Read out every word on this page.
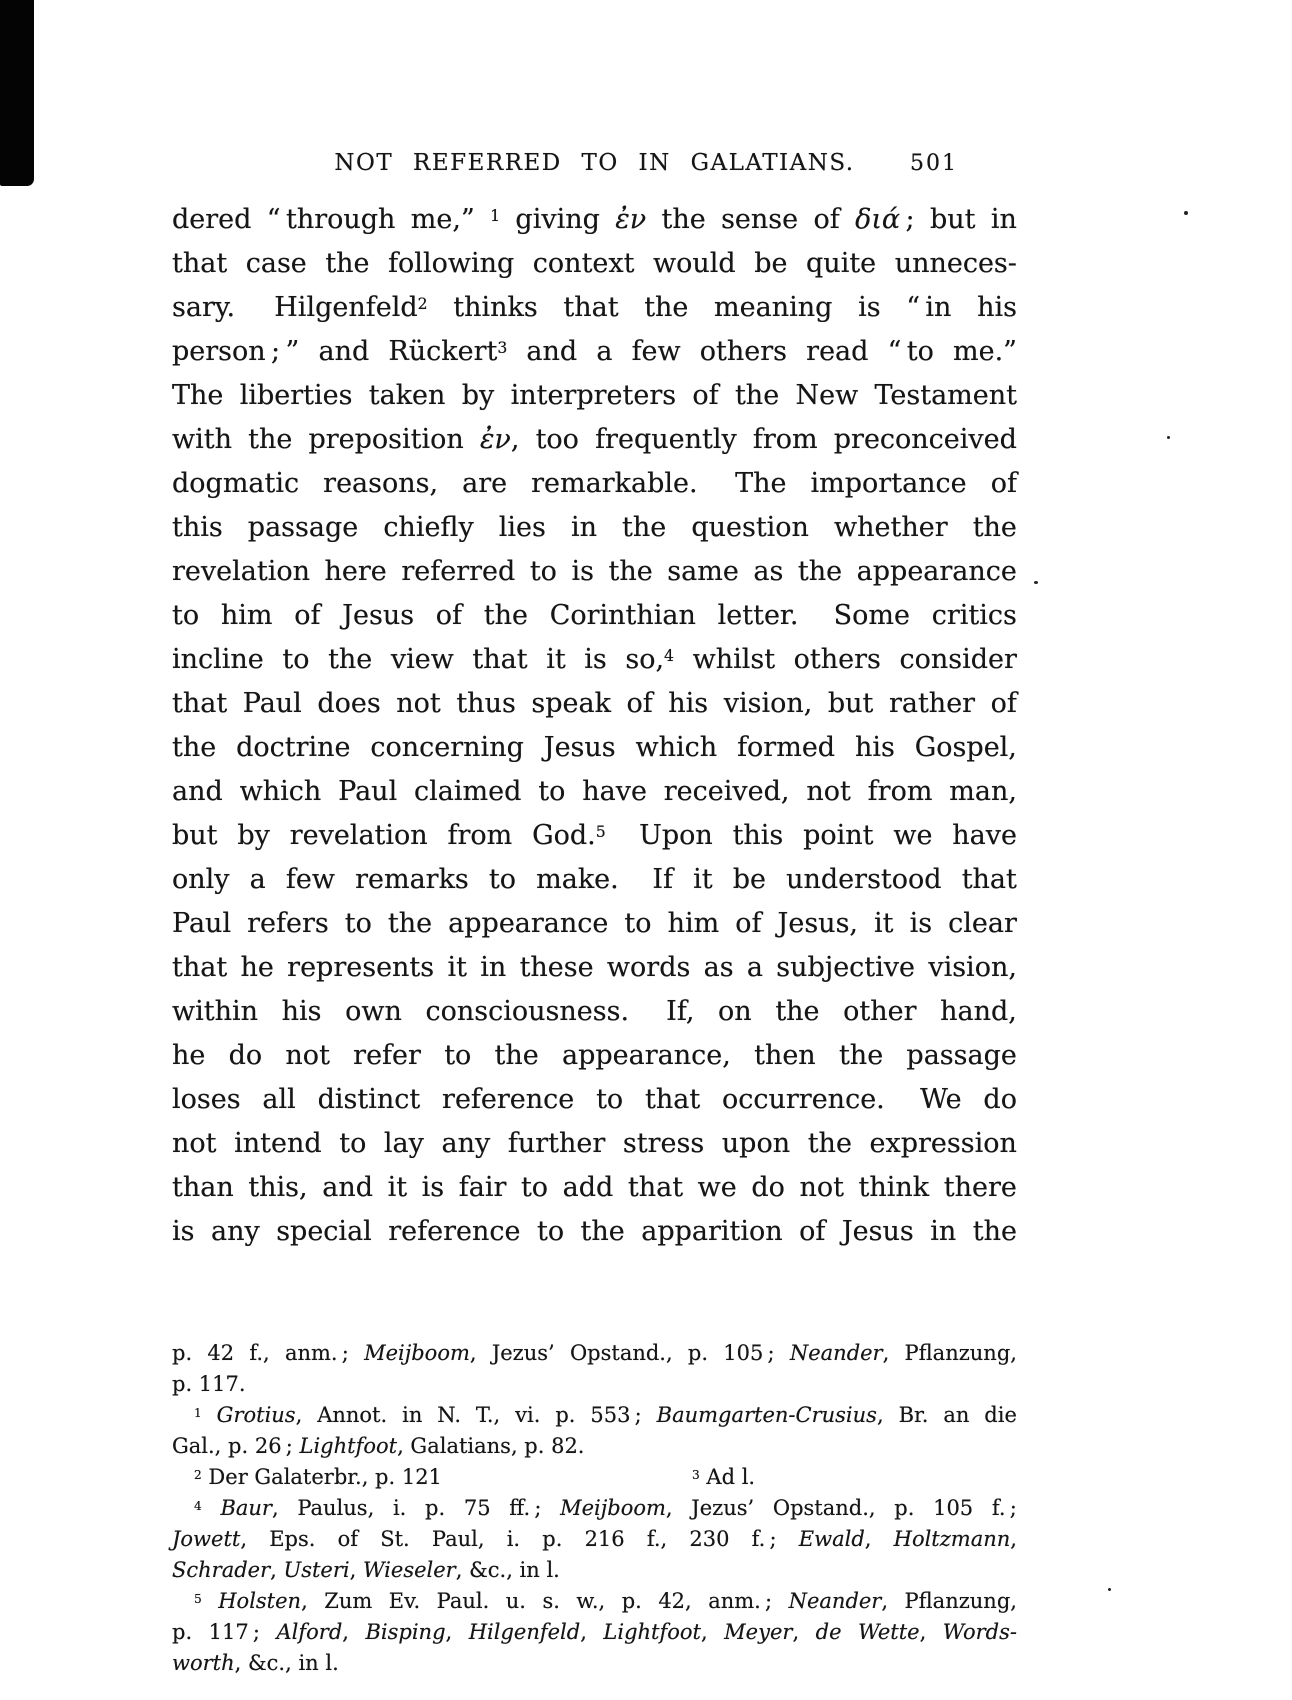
NOT REFERRED TO IN GALATIANS.	501
dered “ through me,” $^1$ giving ἐν the sense of διά ; but in
that case the following context would be quite unneces-
sary.  Hilgenfeld$^2$ thinks that the meaning is “ in his
person ; ” and Rückert$^3$ and a few others read “ to me.”
The liberties taken by interpreters of the New Testament
with the preposition ἐν, too frequently from preconceived
dogmatic reasons, are remarkable.  The importance of
this passage chiefly lies in the question whether the
revelation here referred to is the same as the appearance
to him of Jesus of the Corinthian letter.  Some critics
incline to the view that it is so,$^4$ whilst others consider
that Paul does not thus speak of his vision, but rather of
the doctrine concerning Jesus which formed his Gospel,
and which Paul claimed to have received, not from man,
but by revelation from God.$^5$ 	Upon this point we have
only a few remarks to make.  If it be understood that
Paul refers to the appearance to him of Jesus, it is clear
that he represents it in these words as a subjective vision,
within his own consciousness.  If, on the other hand,
he do not refer to the appearance, then the passage
loses all distinct reference to that occurrence.  We do
not intend to lay any further stress upon the expression
than this, and it is fair to add that we do not think there
is any special reference to the apparition of Jesus in the
p. 42 f., anm. ; Meijboom, Jezus’ Opstand., p. 105 ; Neander, Pflanzung,
p. 117.
$^1$ Grotius, Annot. in N. T., vi. p. 553 ; Baumgarten-Crusius, Br. an die
Gal., p. 26 ; Lightfoot, Galatians, p. 82.
$^2$ Der Galaterbr., p. 121	$^3$ Ad l.
$^4$ Baur, Paulus, i. p. 75 ff. ; Meijboom, Jezus’ Opstand., p. 105 f. ;
Jowett, Eps. of St. Paul, i. p. 216 f., 230 f. ; Ewald, Holtzmann,
Schrader, Usteri, Wieseler, &c., in l.
$^5$ Holsten, Zum Ev. Paul. u. s. w., p. 42, anm. ; Neander, Pflanzung,
p. 117 ; Alford, Bisping, Hilgenfeld, Lightfoot, Meyer, de Wette, Words-
worth, &c., in l.
